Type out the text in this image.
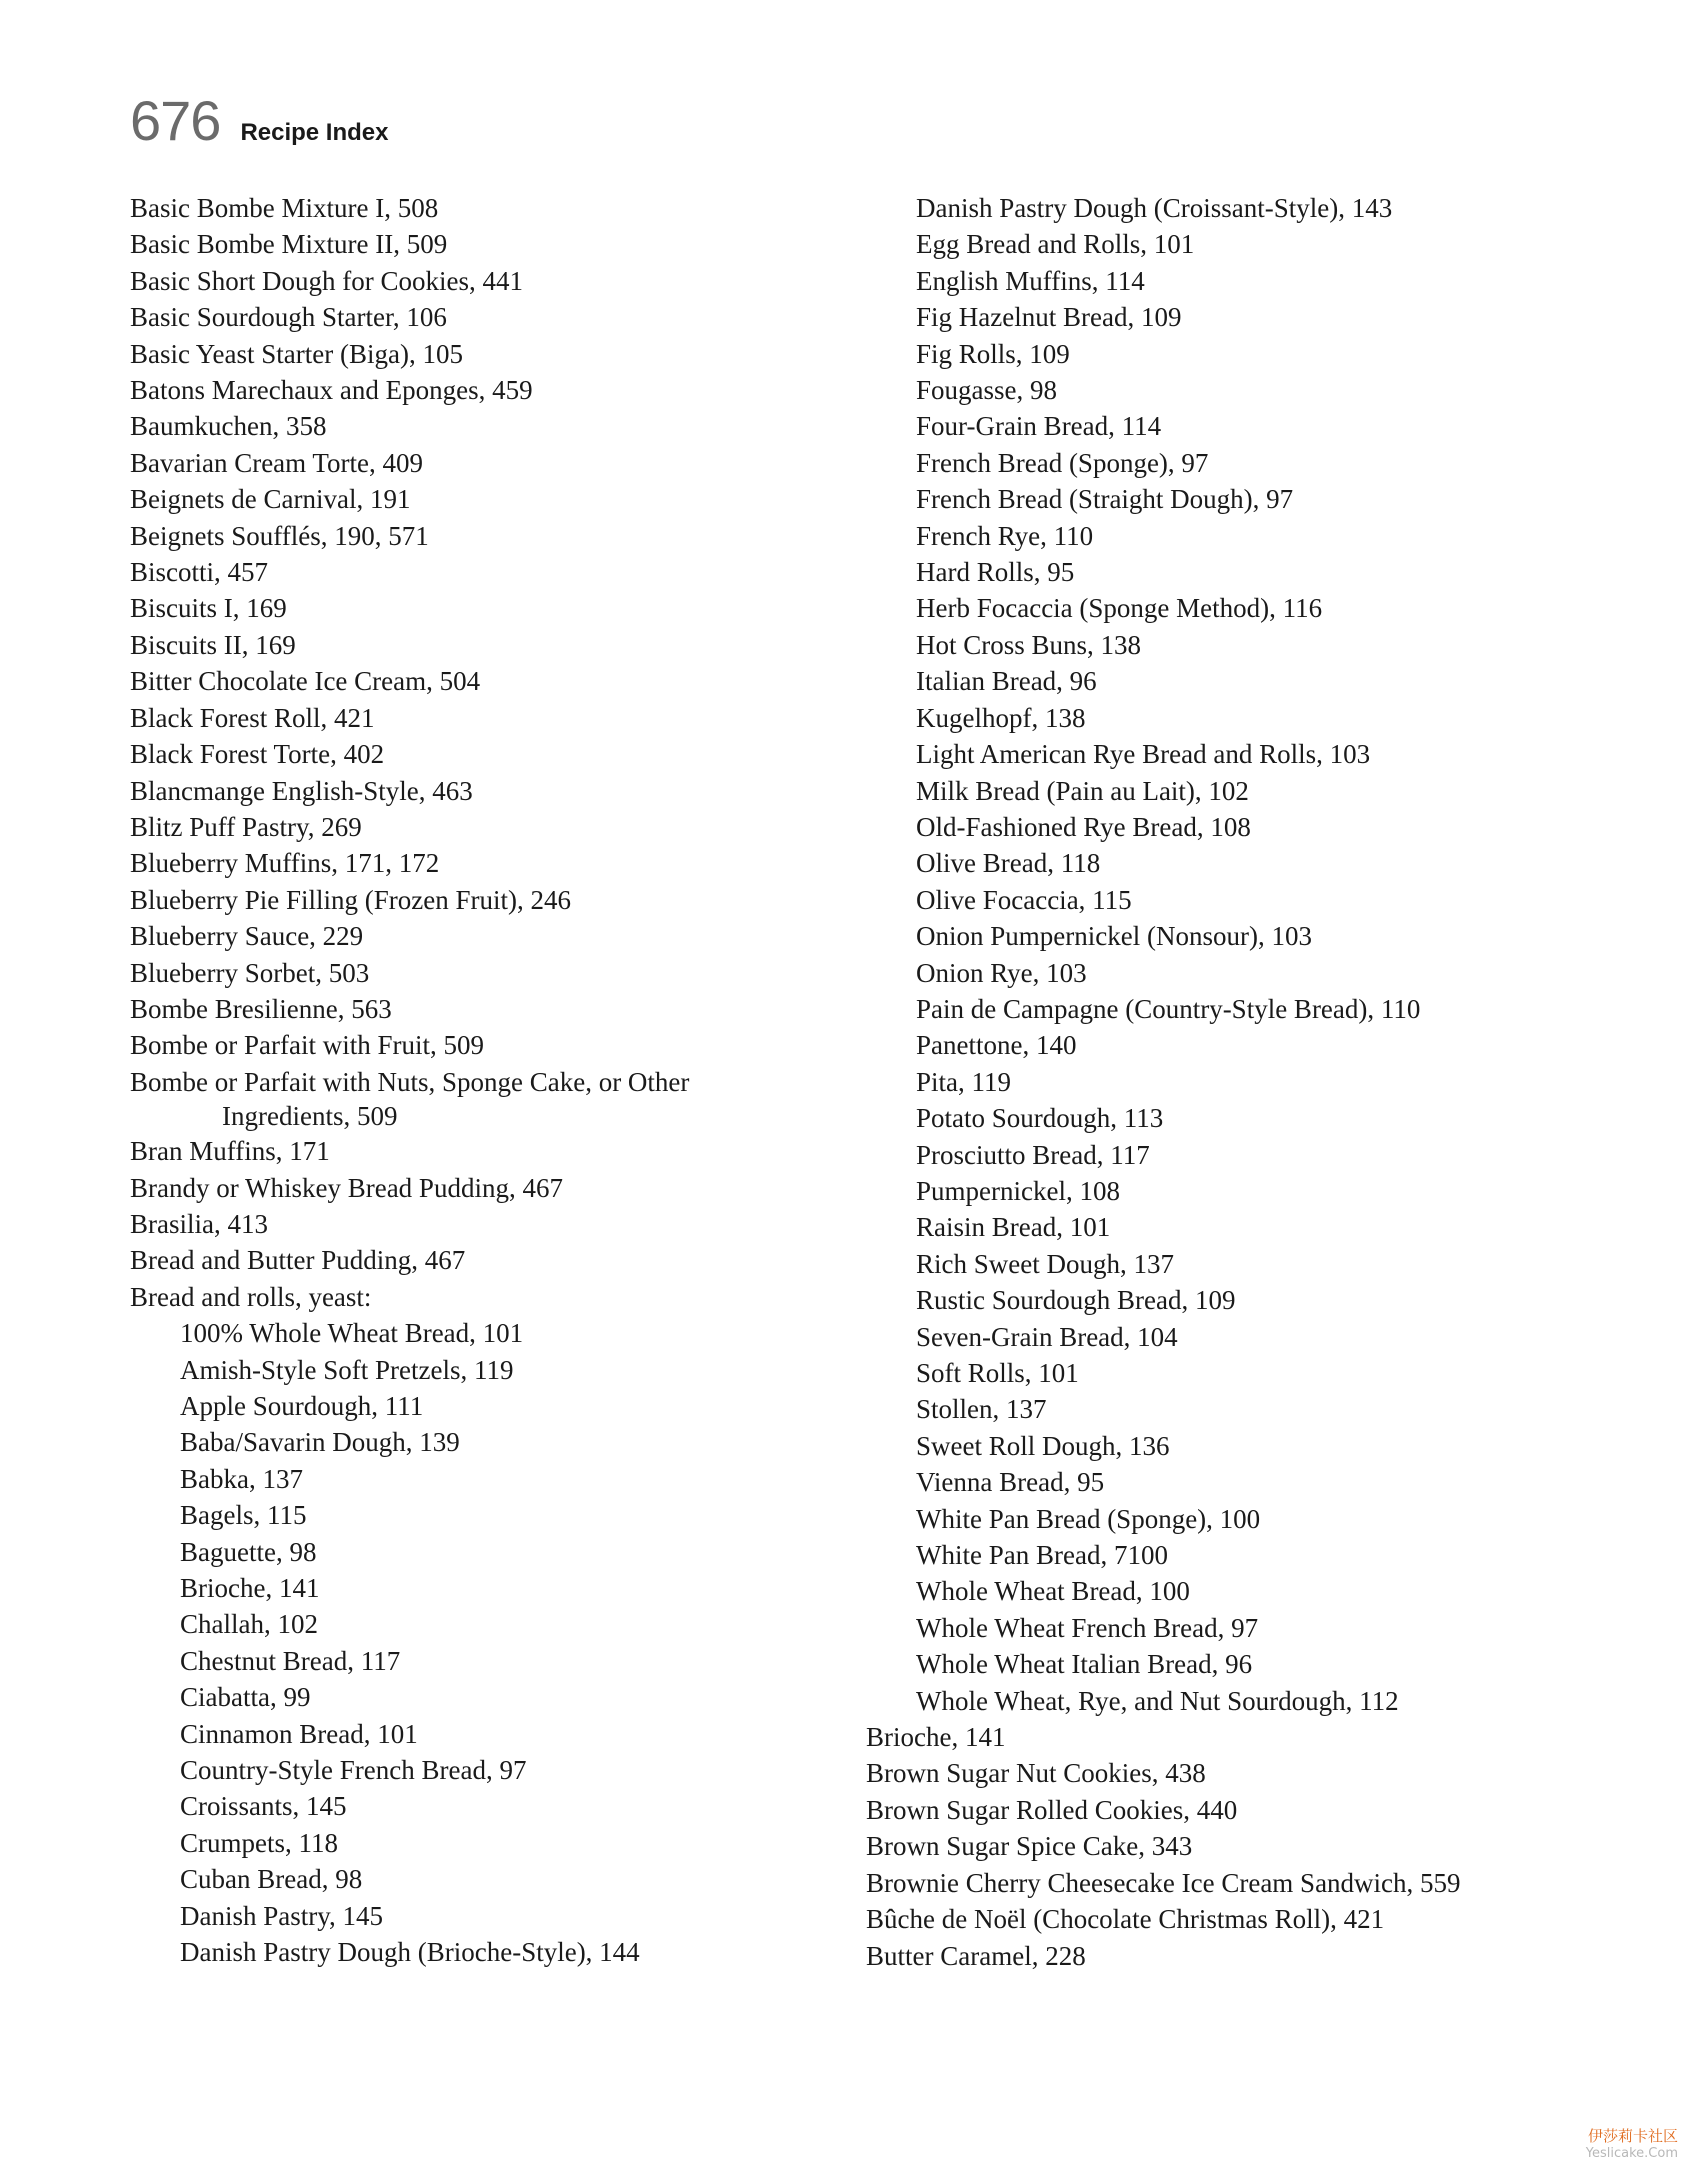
676 Recipe Index
Basic Bombe Mixture I, 508
Basic Bombe Mixture II, 509
Basic Short Dough for Cookies, 441
Basic Sourdough Starter, 106
Basic Yeast Starter (Biga), 105
Batons Marechaux and Eponges, 459
Baumkuchen, 358
Bavarian Cream Torte, 409
Beignets de Carnival, 191
Beignets Soufflés, 190, 571
Biscotti, 457
Biscuits I, 169
Biscuits II, 169
Bitter Chocolate Ice Cream, 504
Black Forest Roll, 421
Black Forest Torte, 402
Blancmange English-Style, 463
Blitz Puff Pastry, 269
Blueberry Muffins, 171, 172
Blueberry Pie Filling (Frozen Fruit), 246
Blueberry Sauce, 229
Blueberry Sorbet, 503
Bombe Bresilienne, 563
Bombe or Parfait with Fruit, 509
Bombe or Parfait with Nuts, Sponge Cake, or Other
Ingredients, 509
Bran Muffins, 171
Brandy or Whiskey Bread Pudding, 467
Brasilia, 413
Bread and Butter Pudding, 467
Bread and rolls, yeast:
100% Whole Wheat Bread, 101
Amish-Style Soft Pretzels, 119
Apple Sourdough, 111
Baba/Savarin Dough, 139
Babka, 137
Bagels, 115
Baguette, 98
Brioche, 141
Challah, 102
Chestnut Bread, 117
Ciabatta, 99
Cinnamon Bread, 101
Country-Style French Bread, 97
Croissants, 145
Crumpets, 118
Cuban Bread, 98
Danish Pastry, 145
Danish Pastry Dough (Brioche-Style), 144
Danish Pastry Dough (Croissant-Style), 143
Egg Bread and Rolls, 101
English Muffins, 114
Fig Hazelnut Bread, 109
Fig Rolls, 109
Fougasse, 98
Four-Grain Bread, 114
French Bread (Sponge), 97
French Bread (Straight Dough), 97
French Rye, 110
Hard Rolls, 95
Herb Focaccia (Sponge Method), 116
Hot Cross Buns, 138
Italian Bread, 96
Kugelhopf, 138
Light American Rye Bread and Rolls, 103
Milk Bread (Pain au Lait), 102
Old-Fashioned Rye Bread, 108
Olive Bread, 118
Olive Focaccia, 115
Onion Pumpernickel (Nonsour), 103
Onion Rye, 103
Pain de Campagne (Country-Style Bread), 110
Panettone, 140
Pita, 119
Potato Sourdough, 113
Prosciutto Bread, 117
Pumpernickel, 108
Raisin Bread, 101
Rich Sweet Dough, 137
Rustic Sourdough Bread, 109
Seven-Grain Bread, 104
Soft Rolls, 101
Stollen, 137
Sweet Roll Dough, 136
Vienna Bread, 95
White Pan Bread (Sponge), 100
White Pan Bread, 7100
Whole Wheat Bread, 100
Whole Wheat French Bread, 97
Whole Wheat Italian Bread, 96
Whole Wheat, Rye, and Nut Sourdough, 112
Brioche, 141
Brown Sugar Nut Cookies, 438
Brown Sugar Rolled Cookies, 440
Brown Sugar Spice Cake, 343
Brownie Cherry Cheesecake Ice Cream Sandwich, 559
Bûche de Noël (Chocolate Christmas Roll), 421
Butter Caramel, 228
伊莎莉卡社区
Yeslicake.Com
